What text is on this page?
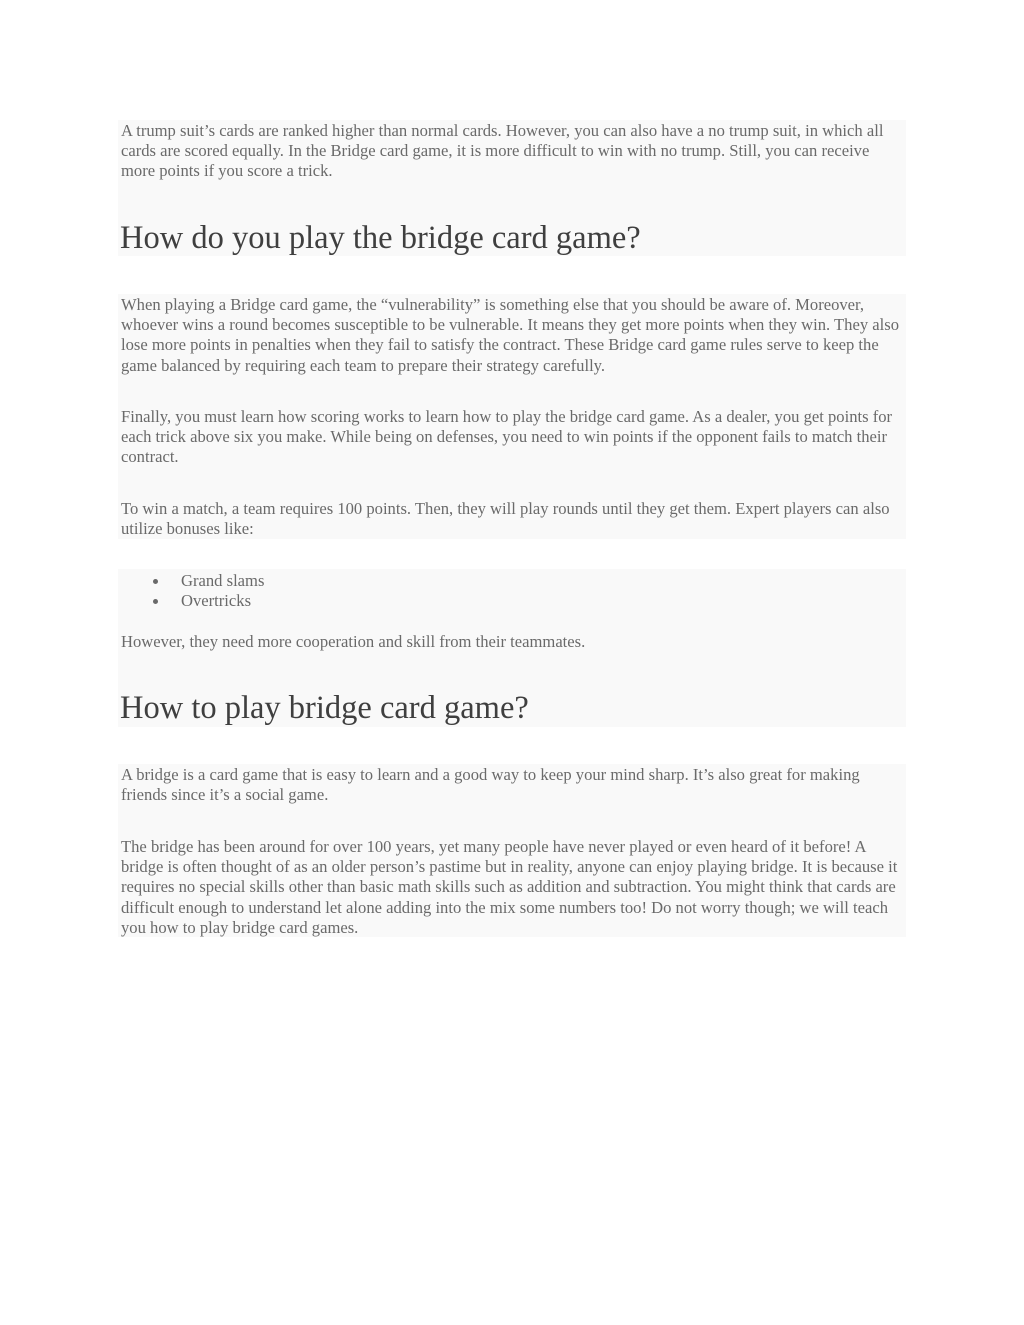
A trump suit’s cards are ranked higher than normal cards. However, you can also have a no trump suit, in which all cards are scored equally. In the Bridge card game, it is more difficult to win with no trump. Still, you can receive more points if you score a trick.

How do you play the bridge card game?

When playing a Bridge card game, the “vulnerability” is something else that you should be aware of. Moreover, whoever wins a round becomes susceptible to be vulnerable. It means they get more points when they win. They also lose more points in penalties when they fail to satisfy the contract. These Bridge card game rules serve to keep the game balanced by requiring each team to prepare their strategy carefully.

Finally, you must learn how scoring works to learn how to play the bridge card game. As a dealer, you get points for each trick above six you make. While being on defenses, you need to win points if the opponent fails to match their contract.

To win a match, a team requires 100 points. Then, they will play rounds until they get them. Expert players can also utilize bonuses like:

Grand slams
Overtricks

However, they need more cooperation and skill from their teammates.

How to play bridge card game?

A bridge is a card game that is easy to learn and a good way to keep your mind sharp. It’s also great for making friends since it’s a social game.

The bridge has been around for over 100 years, yet many people have never played or even heard of it before! A bridge is often thought of as an older person’s pastime but in reality, anyone can enjoy playing bridge. It is because it requires no special skills other than basic math skills such as addition and subtraction. You might think that cards are difficult enough to understand let alone adding into the mix some numbers too! Do not worry though; we will teach you how to play bridge card games.
